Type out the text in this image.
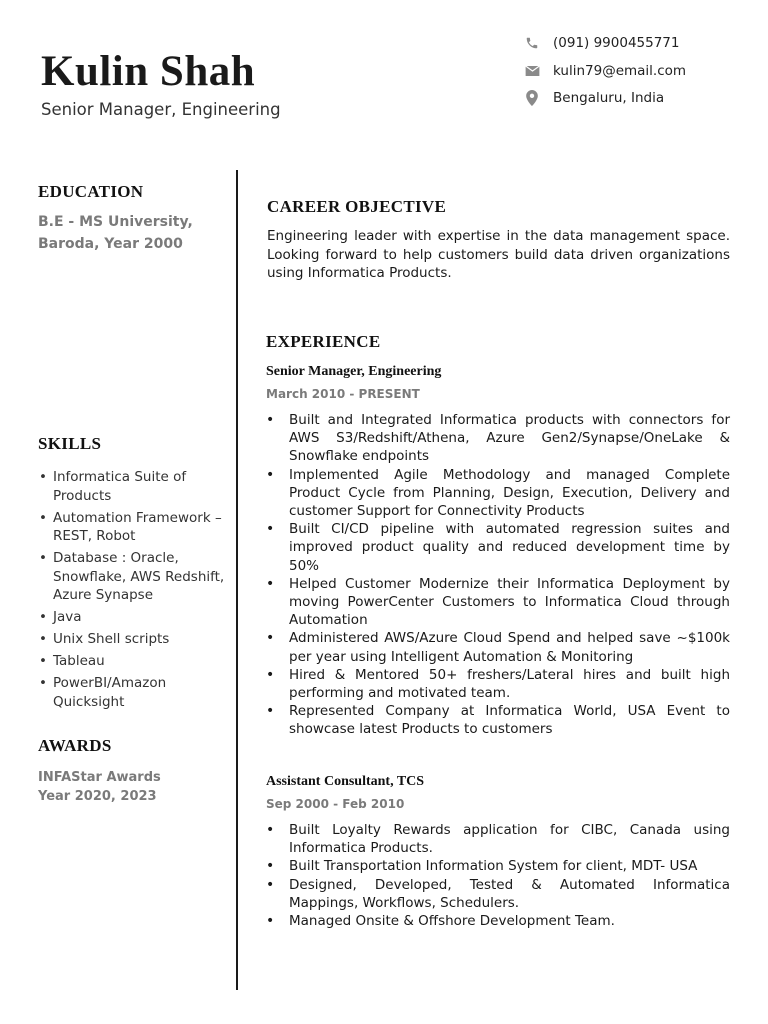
Kulin Shah
Senior Manager, Engineering
(091) 9900455771
kulin79@email.com
Bengaluru, India
EDUCATION
B.E - MS University,
Baroda, Year 2000
SKILLS
• Informatica Suite of Products
• Automation Framework – REST, Robot
• Database : Oracle, Snowflake, AWS Redshift, Azure Synapse
• Java
• Unix Shell scripts
• Tableau
• PowerBI/Amazon Quicksight
AWARDS
INFAStar Awards
Year 2020, 2023
CAREER OBJECTIVE
Engineering leader with expertise in the data management space. Looking forward to help customers build data driven organizations using Informatica Products.
EXPERIENCE
Senior Manager, Engineering
March 2010 - PRESENT
• Built and Integrated Informatica products with connectors for AWS S3/Redshift/Athena, Azure Gen2/Synapse/OneLake & Snowflake endpoints
• Implemented Agile Methodology and managed Complete Product Cycle from Planning, Design, Execution, Delivery and customer Support for Connectivity Products
• Built CI/CD pipeline with automated regression suites and improved product quality and reduced development time by 50%
• Helped Customer Modernize their Informatica Deployment by moving PowerCenter Customers to Informatica Cloud through Automation
• Administered AWS/Azure Cloud Spend and helped save ~$100k per year using Intelligent Automation & Monitoring
• Hired & Mentored 50+ freshers/Lateral hires and built high performing and motivated team.
• Represented Company at Informatica World, USA Event to showcase latest Products to customers
Assistant Consultant, TCS
Sep 2000 - Feb 2010
• Built Loyalty Rewards application for CIBC, Canada using Informatica Products.
• Built Transportation Information System for client, MDT- USA
• Designed, Developed, Tested & Automated Informatica Mappings, Workflows, Schedulers.
• Managed Onsite & Offshore Development Team.
